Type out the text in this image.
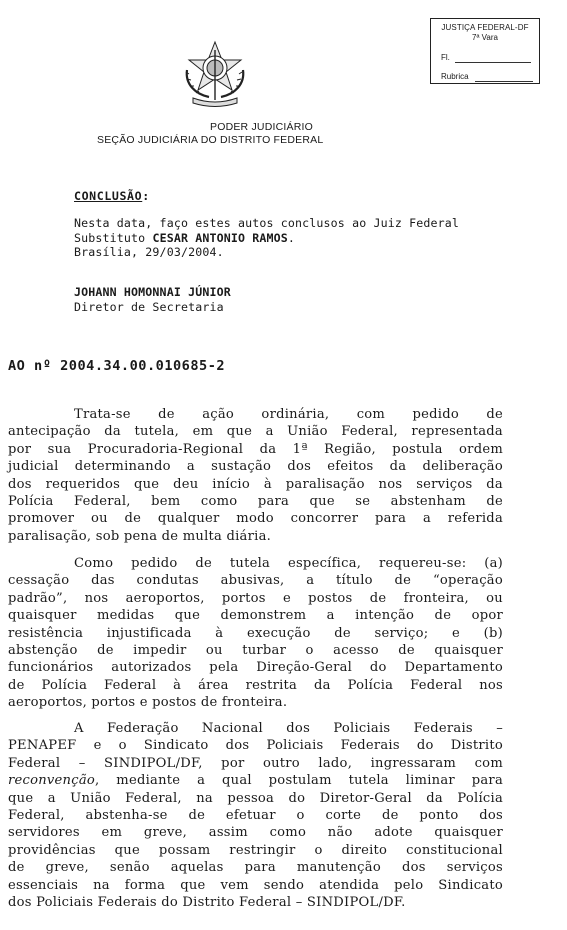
PODER JUDICIÁRIO
SEÇÃO JUDICIÁRIA DO DISTRITO FEDERAL
JUSTIÇA FEDERAL-DF
7ª Vara
Fl.
Rubrica
CONCLUSÃO:
Nesta data, faço estes autos conclusos ao Juiz Federal
Substituto CESAR ANTONIO RAMOS.
Brasília, 29/03/2004.
JOHANN HOMONNAI JÚNIOR
Diretor de Secretaria
AO nº 2004.34.00.010685-2
Trata-se de ação ordinária, com pedido de
antecipação da tutela, em que a União Federal, representada
por sua Procuradoria-Regional da 1ª Região, postula ordem
judicial determinando a sustação dos efeitos da deliberação
dos requeridos que deu início à paralisação nos serviços da
Polícia Federal, bem como para que se abstenham de
promover ou de qualquer modo concorrer para a referida
paralisação, sob pena de multa diária.
Como pedido de tutela específica, requereu-se: (a)
cessação das condutas abusivas, a título de “operação
padrão”, nos aeroportos, portos e postos de fronteira, ou
quaisquer medidas que demonstrem a intenção de opor
resistência injustificada à execução de serviço; e (b)
abstenção de impedir ou turbar o acesso de quaisquer
funcionários autorizados pela Direção-Geral do Departamento
de Polícia Federal à área restrita da Polícia Federal nos
aeroportos, portos e postos de fronteira.
A Federação Nacional dos Policiais Federais –
PENAPEF e o Sindicato dos Policiais Federais do Distrito
Federal – SINDIPOL/DF, por outro lado, ingressaram com
reconvenção, mediante a qual postulam tutela liminar para
que a União Federal, na pessoa do Diretor-Geral da Polícia
Federal, abstenha-se de efetuar o corte de ponto dos
servidores em greve, assim como não adote quaisquer
providências que possam restringir o direito constitucional
de greve, senão aquelas para manutenção dos serviços
essenciais na forma que vem sendo atendida pelo Sindicato
dos Policiais Federais do Distrito Federal – SINDIPOL/DF.
